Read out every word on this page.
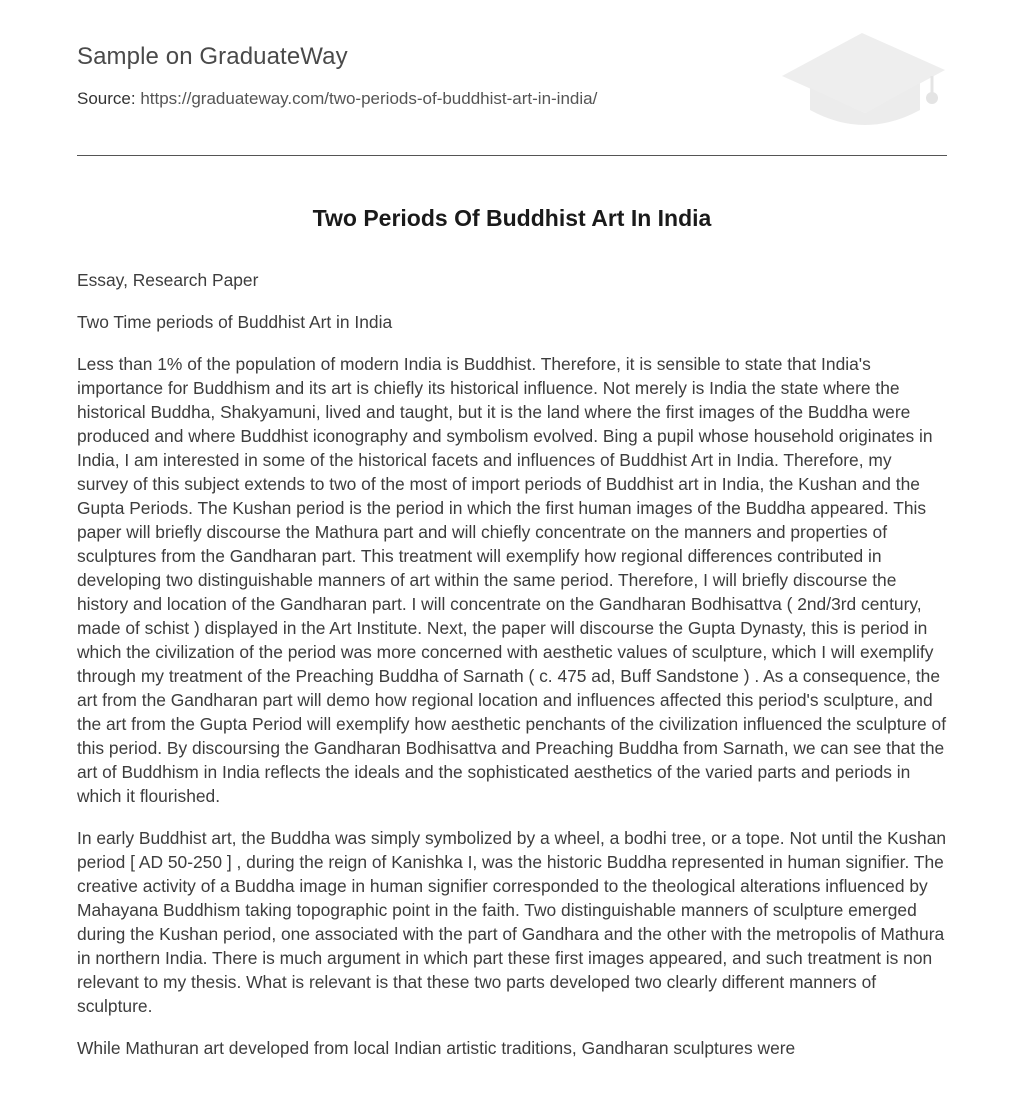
Sample on GraduateWay
Source: https://graduateway.com/two-periods-of-buddhist-art-in-india/
Two Periods Of Buddhist Art In India

Essay, Research Paper

Two Time periods of Buddhist Art in India

Less than 1% of the population of modern India is Buddhist. Therefore, it is sensible to state that India's importance for Buddhism and its art is chiefly its historical influence. Not merely is India the state where the historical Buddha, Shakyamuni, lived and taught, but it is the land where the first images of the Buddha were produced and where Buddhist iconography and symbolism evolved. Bing a pupil whose household originates in India, I am interested in some of the historical facets and influences of Buddhist Art in India. Therefore, my survey of this subject extends to two of the most of import periods of Buddhist art in India, the Kushan and the Gupta Periods. The Kushan period is the period in which the first human images of the Buddha appeared. This paper will briefly discourse the Mathura part and will chiefly concentrate on the manners and properties of sculptures from the Gandharan part. This treatment will exemplify how regional differences contributed in developing two distinguishable manners of art within the same period. Therefore, I will briefly discourse the history and location of the Gandharan part. I will concentrate on the Gandharan Bodhisattva ( 2nd/3rd century, made of schist ) displayed in the Art Institute. Next, the paper will discourse the Gupta Dynasty, this is period in which the civilization of the period was more concerned with aesthetic values of sculpture, which I will exemplify through my treatment of the Preaching Buddha of Sarnath ( c. 475 ad, Buff Sandstone ) . As a consequence, the art from the Gandharan part will demo how regional location and influences affected this period's sculpture, and the art from the Gupta Period will exemplify how aesthetic penchants of the civilization influenced the sculpture of this period. By discoursing the Gandharan Bodhisattva and Preaching Buddha from Sarnath, we can see that the art of Buddhism in India reflects the ideals and the sophisticated aesthetics of the varied parts and periods in which it flourished.

In early Buddhist art, the Buddha was simply symbolized by a wheel, a bodhi tree, or a tope. Not until the Kushan period [ AD 50-250 ] , during the reign of Kanishka I, was the historic Buddha represented in human signifier. The creative activity of a Buddha image in human signifier corresponded to the theological alterations influenced by Mahayana Buddhism taking topographic point in the faith. Two distinguishable manners of sculpture emerged during the Kushan period, one associated with the part of Gandhara and the other with the metropolis of Mathura in northern India. There is much argument in which part these first images appeared, and such treatment is non relevant to my thesis. What is relevant is that these two parts developed two clearly different manners of sculpture.

While Mathuran art developed from local Indian artistic traditions, Gandharan sculptures were
